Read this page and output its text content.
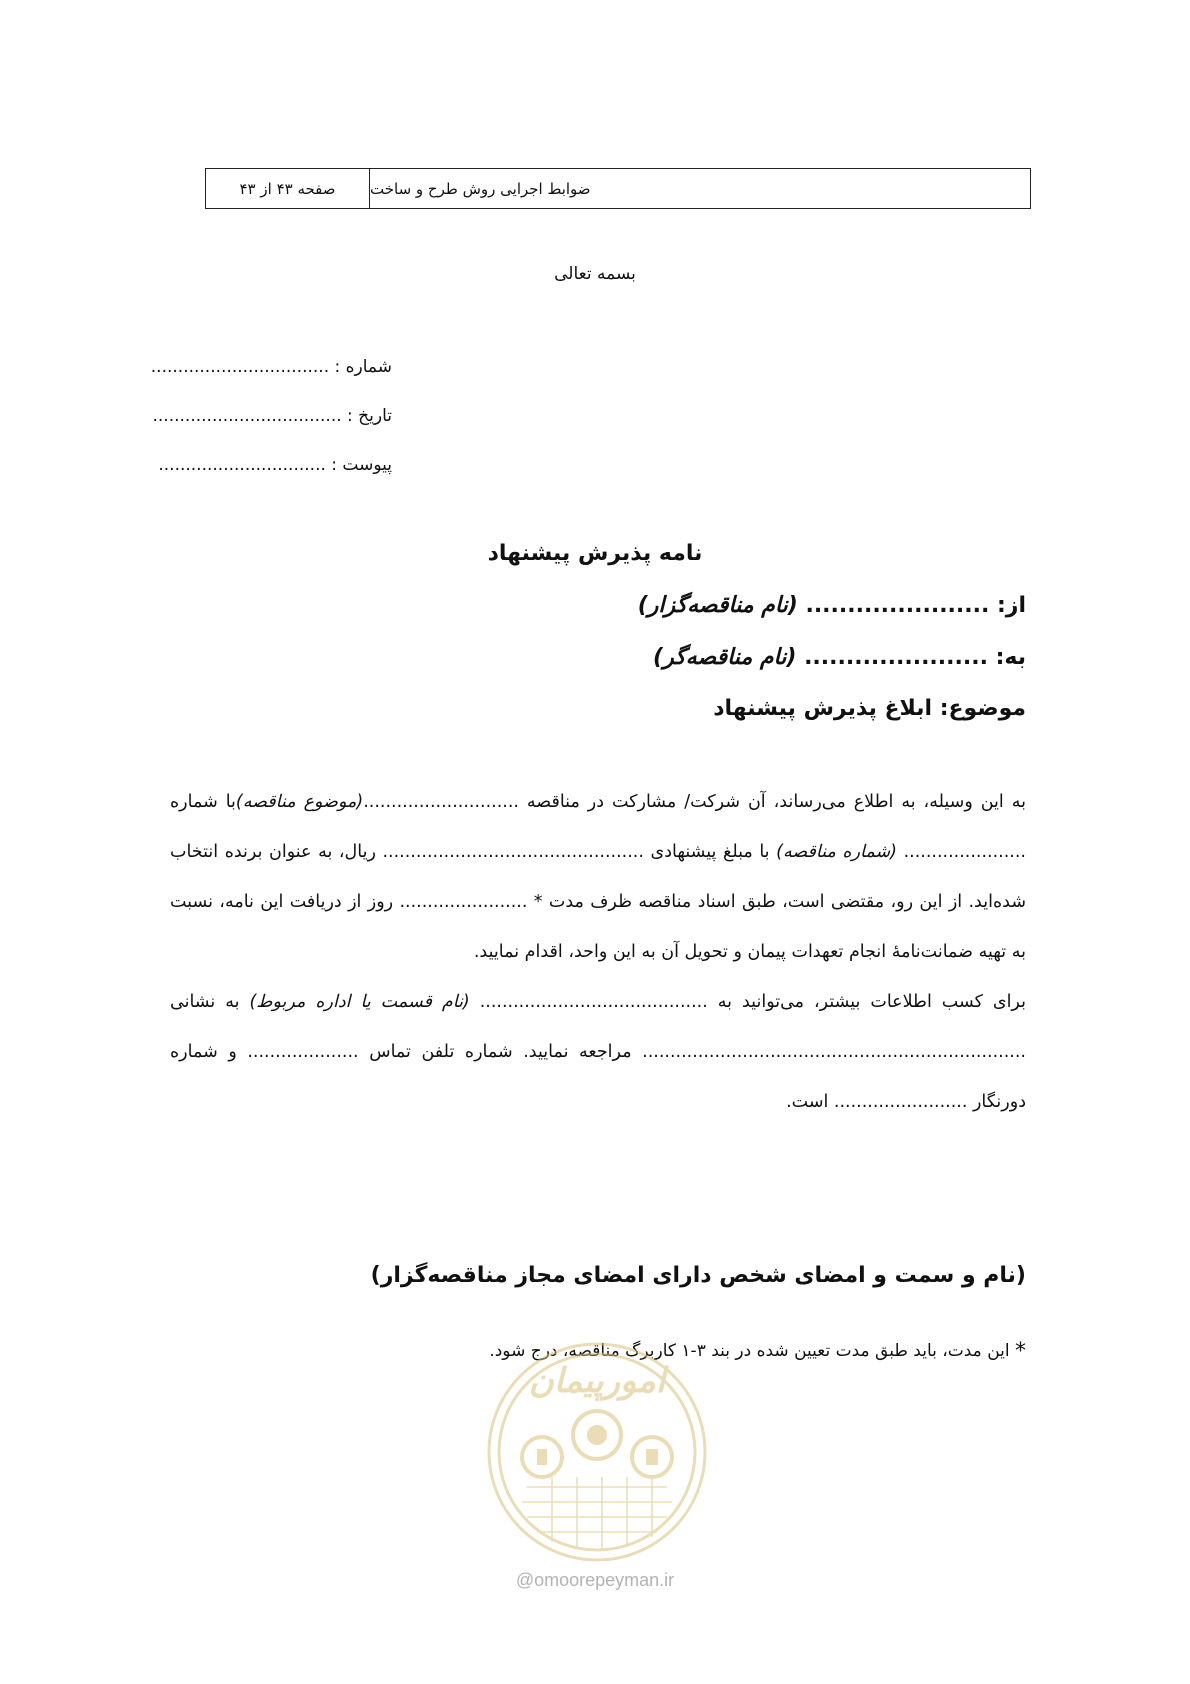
صفحه ۴۳ از ۴۳	ضوابط اجرایی روش طرح و ساخت
بسمه تعالی
شماره : .................................
تاریخ : ...................................
پیوست : ...............................
نامه پذیرش پیشنهاد
از: ...................... (نام مناقصه‌گزار)
به: ...................... (نام مناقصه‌گر)
موضوع: ابلاغ پذیرش پیشنهاد
به این وسیله، به اطلاع می‌رساند، آن شرکت/ مشارکت در مناقصه ............................(موضوع مناقصه)با شماره ...................... (شماره مناقصه) با مبلغ پیشنهادی ............................................... ریال، به عنوان برنده انتخاب شده‌اید. از این رو، مقتضی است، طبق اسناد مناقصه ظرف مدت * ....................... روز از دریافت این نامه، نسبت به تهیه ضمانت‌نامهٔ انجام تعهدات پیمان و تحویل آن به این واحد، اقدام نمایید.
برای کسب اطلاعات بیشتر، می‌توانید به ......................................... (نام قسمت یا اداره مربوط) به نشانی ..................................................................... مراجعه نمایید. شماره تلفن تماس .................... و شماره دورنگار ........................ است.
(نام و سمت و امضای شخص دارای امضای مجاز مناقصه‌گزار)
* این مدت، باید طبق مدت تعیین شده در بند ۳-۱ کاربرگ مناقصه، درج شود.
امورپیمان
@omoorepeyman.ir
